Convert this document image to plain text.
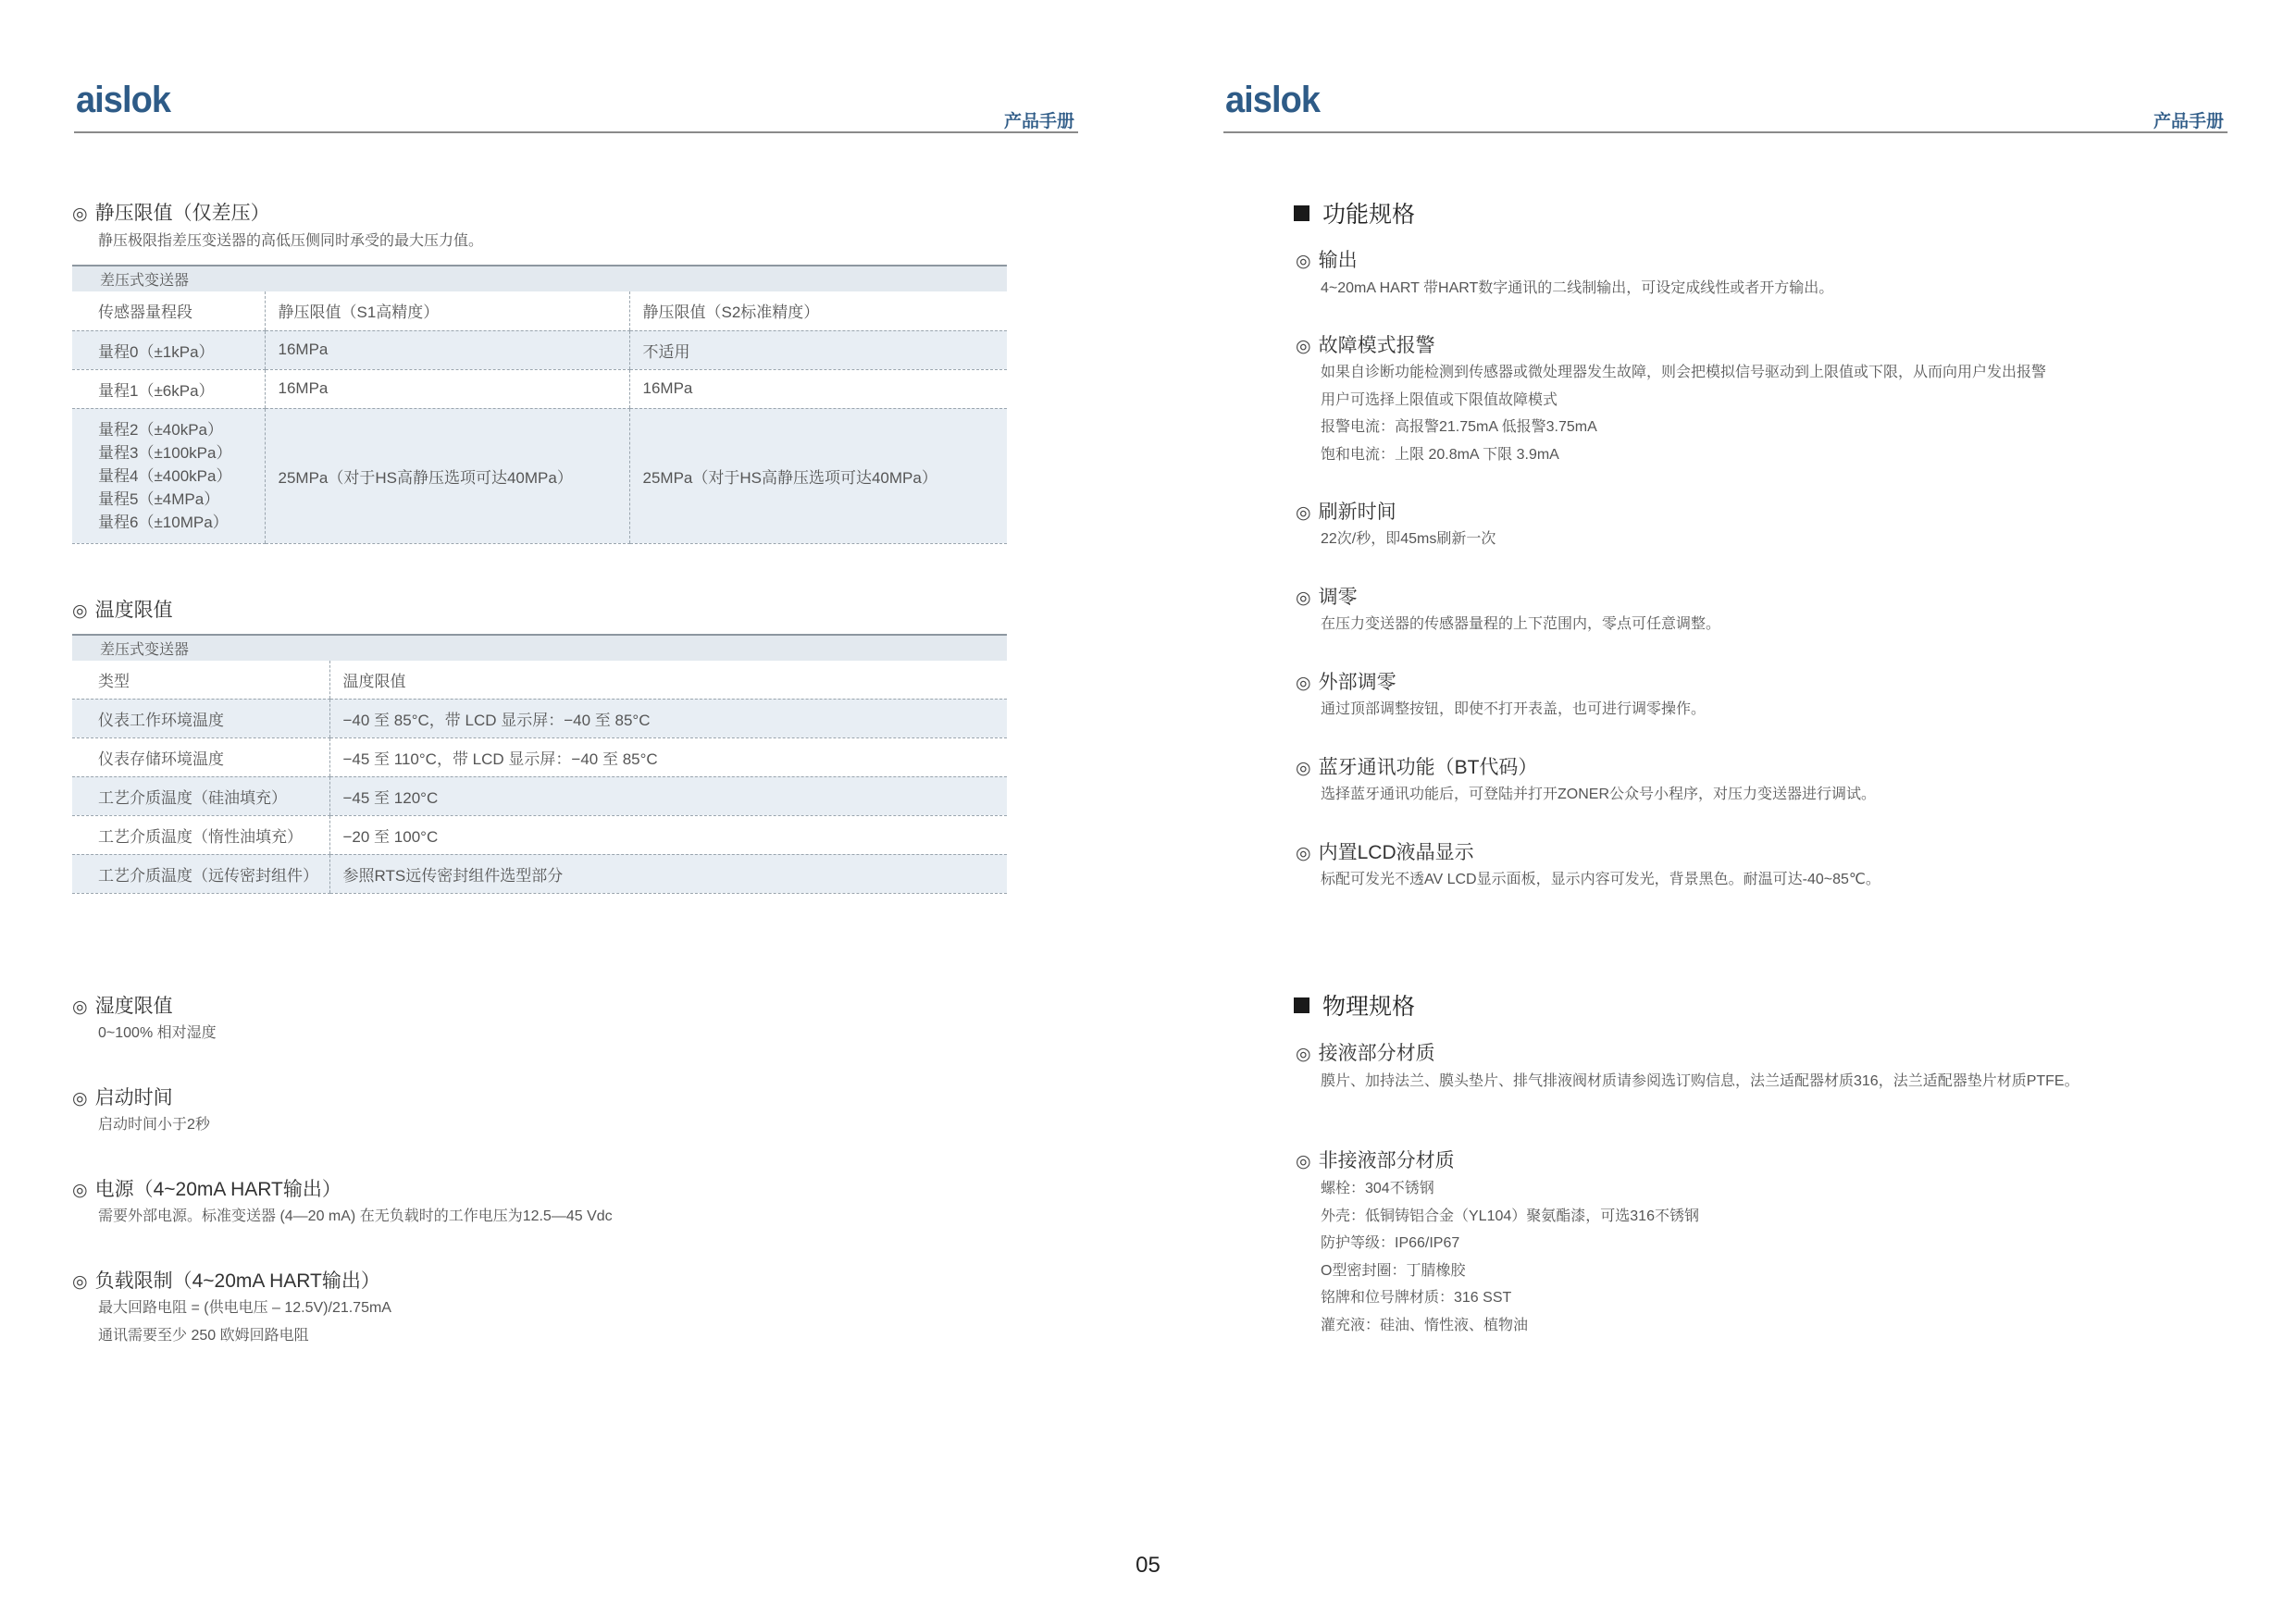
aislok
产品手册
◎ 静压限值（仅差压）
静压极限指差压变送器的高低压侧同时承受的最大压力值。
差压式变送器		
传感器量程段	静压限值（S1高精度）	静压限值（S2标准精度）
量程0（±1kPa）	16MPa	不适用
量程1（±6kPa）	16MPa	16MPa

量程2（±40kPa）
量程3（±100kPa）
量程4（±400kPa）
量程5（±4MPa）
量程6（±10MPa）	25MPa（对于HS高静压选项可达40MPa）	25MPa（对于HS高静压选项可达40MPa）
◎ 温度限值
差压式变送器	
类型	温度限值
仪表工作环境温度	−40 至 85°C，带 LCD 显示屏：−40 至 85°C
仪表存储环境温度	−45 至 110°C，带 LCD 显示屏：−40 至 85°C
工艺介质温度（硅油填充）	−45 至 120°C
工艺介质温度（惰性油填充）	−20 至 100°C
工艺介质温度（远传密封组件）	参照RTS远传密封组件选型部分
◎ 湿度限值
0~100% 相对湿度
◎ 启动时间
启动时间小于2秒
◎ 电源（4~20mA HART输出）
需要外部电源。标准变送器 (4—20 mA) 在无负载时的工作电压为12.5—45 Vdc
◎ 负载限制（4~20mA HART输出）
最大回路电阻 = (供电电压 – 12.5V)/21.75mA
通讯需要至少 250 欧姆回路电阻
aislok
产品手册
功能规格
◎ 输出
4~20mA HART 带HART数字通讯的二线制输出，可设定成线性或者开方输出。
◎ 故障模式报警
如果自诊断功能检测到传感器或微处理器发生故障，则会把模拟信号驱动到上限值或下限，从而向用户发出报警
用户可选择上限值或下限值故障模式
报警电流：高报警21.75mA 低报警3.75mA
饱和电流：上限 20.8mA 下限 3.9mA
◎ 刷新时间
22次/秒，即45ms刷新一次
◎ 调零
在压力变送器的传感器量程的上下范围内，零点可任意调整。
◎ 外部调零
通过顶部调整按钮，即使不打开表盖，也可进行调零操作。
◎ 蓝牙通讯功能（BT代码）
选择蓝牙通讯功能后，可登陆并打开ZONER公众号小程序，对压力变送器进行调试。
◎ 内置LCD液晶显示
标配可发光不透AV LCD显示面板，显示内容可发光，背景黑色。耐温可达-40~85℃。
物理规格
◎ 接液部分材质
膜片、加持法兰、膜头垫片、排气排液阀材质请参阅选订购信息，法兰适配器材质316，法兰适配器垫片材质PTFE。
◎ 非接液部分材质
螺栓：304不锈钢
外壳：低铜铸铝合金（YL104）聚氨酯漆，可选316不锈钢
防护等级：IP66/IP67
O型密封圈：丁腈橡胶
铭牌和位号牌材质：316 SST
灌充液：硅油、惰性液、植物油
05
